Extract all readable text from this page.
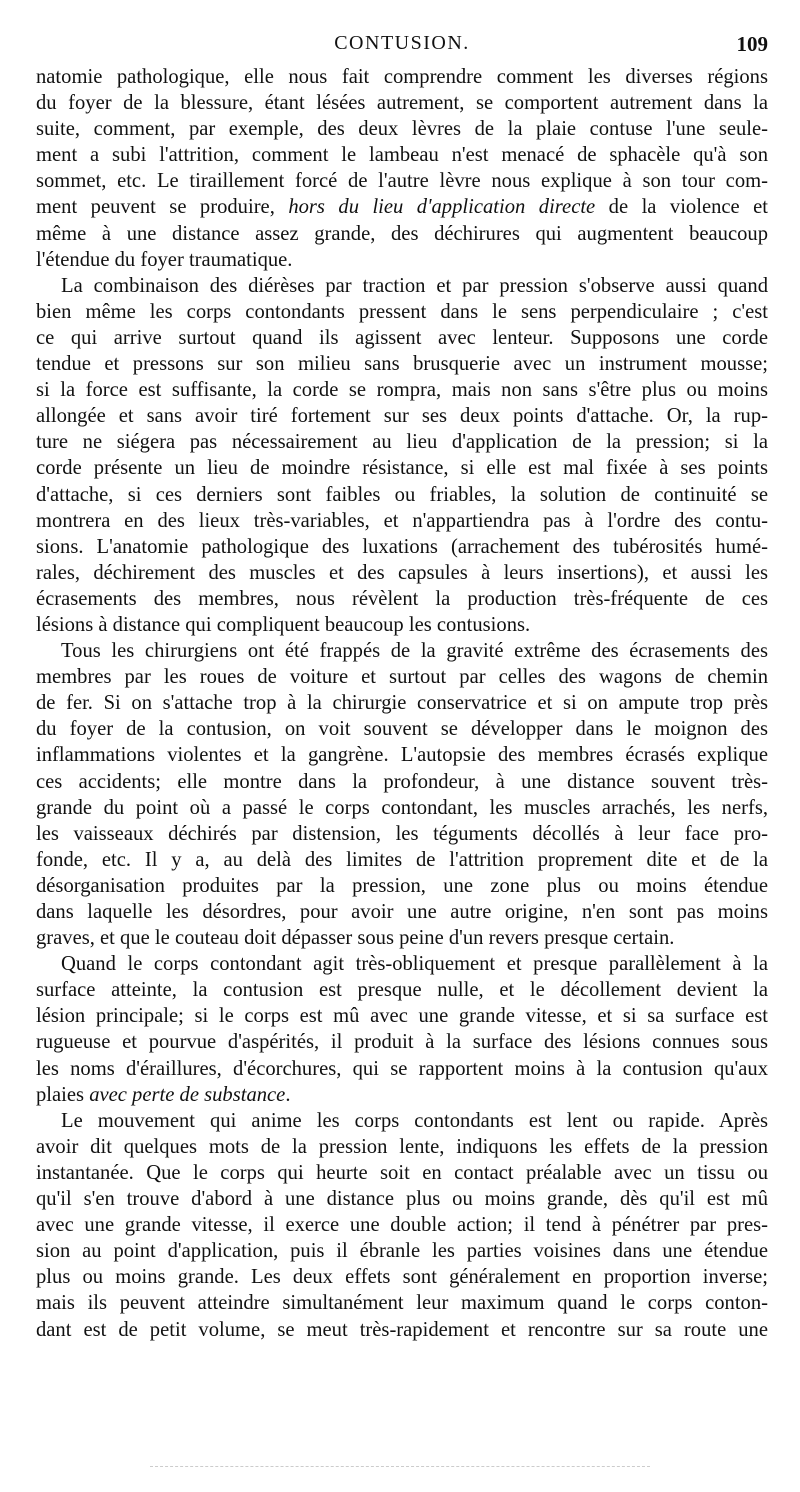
CONTUSION.	109

natomie pathologique, elle nous fait comprendre comment les diverses régions

du foyer de la blessure, étant lésées autrement, se comportent autrement dans la

suite, comment, par exemple, des deux lèvres de la plaie contuse l'une seule-

ment a subi l'attrition, comment le lambeau n'est menacé de sphacèle qu'à son

sommet, etc. Le tiraillement forcé de l'autre lèvre nous explique à son tour com-

ment peuvent se produire, hors du lieu d'application directe de la violence et

même à une distance assez grande, des déchirures qui augmentent beaucoup

l'étendue du foyer traumatique.

La combinaison des diérèses par traction et par pression s'observe aussi quand

bien même les corps contondants pressent dans le sens perpendiculaire ; c'est

ce qui arrive surtout quand ils agissent avec lenteur. Supposons une corde

tendue et pressons sur son milieu sans brusquerie avec un instrument mousse;

si la force est suffisante, la corde se rompra, mais non sans s'être plus ou moins

allongée et sans avoir tiré fortement sur ses deux points d'attache. Or, la rup-

ture ne siégera pas nécessairement au lieu d'application de la pression; si la

corde présente un lieu de moindre résistance, si elle est mal fixée à ses points

d'attache, si ces derniers sont faibles ou friables, la solution de continuité se

montrera en des lieux très-variables, et n'appartiendra pas à l'ordre des contu-

sions. L'anatomie pathologique des luxations (arrachement des tubérosités humé-

rales, déchirement des muscles et des capsules à leurs insertions), et aussi les

écrasements des membres, nous révèlent la production très-fréquente de ces

lésions à distance qui compliquent beaucoup les contusions.

Tous les chirurgiens ont été frappés de la gravité extrême des écrasements des

membres par les roues de voiture et surtout par celles des wagons de chemin

de fer. Si on s'attache trop à la chirurgie conservatrice et si on ampute trop près

du foyer de la contusion, on voit souvent se développer dans le moignon des

inflammations violentes et la gangrène. L'autopsie des membres écrasés explique

ces accidents; elle montre dans la profondeur, à une distance souvent très-

grande du point où a passé le corps contondant, les muscles arrachés, les nerfs,

les vaisseaux déchirés par distension, les téguments décollés à leur face pro-

fonde, etc. Il y a, au delà des limites de l'attrition proprement dite et de la

désorganisation produites par la pression, une zone plus ou moins étendue

dans laquelle les désordres, pour avoir une autre origine, n'en sont pas moins

graves, et que le couteau doit dépasser sous peine d'un revers presque certain.

Quand le corps contondant agit très-obliquement et presque parallèlement à la

surface atteinte, la contusion est presque nulle, et le décollement devient la

lésion principale; si le corps est mû avec une grande vitesse, et si sa surface est

rugueuse et pourvue d'aspérités, il produit à la surface des lésions connues sous

les noms d'éraillures, d'écorchures, qui se rapportent moins à la contusion qu'aux

plaies avec perte de substance.

Le mouvement qui anime les corps contondants est lent ou rapide. Après

avoir dit quelques mots de la pression lente, indiquons les effets de la pression

instantanée. Que le corps qui heurte soit en contact préalable avec un tissu ou

qu'il s'en trouve d'abord à une distance plus ou moins grande, dès qu'il est mû

avec une grande vitesse, il exerce une double action; il tend à pénétrer par pres-

sion au point d'application, puis il ébranle les parties voisines dans une étendue

plus ou moins grande. Les deux effets sont généralement en proportion inverse;

mais ils peuvent atteindre simultanément leur maximum quand le corps conton-

dant est de petit volume, se meut très-rapidement et rencontre sur sa route une
